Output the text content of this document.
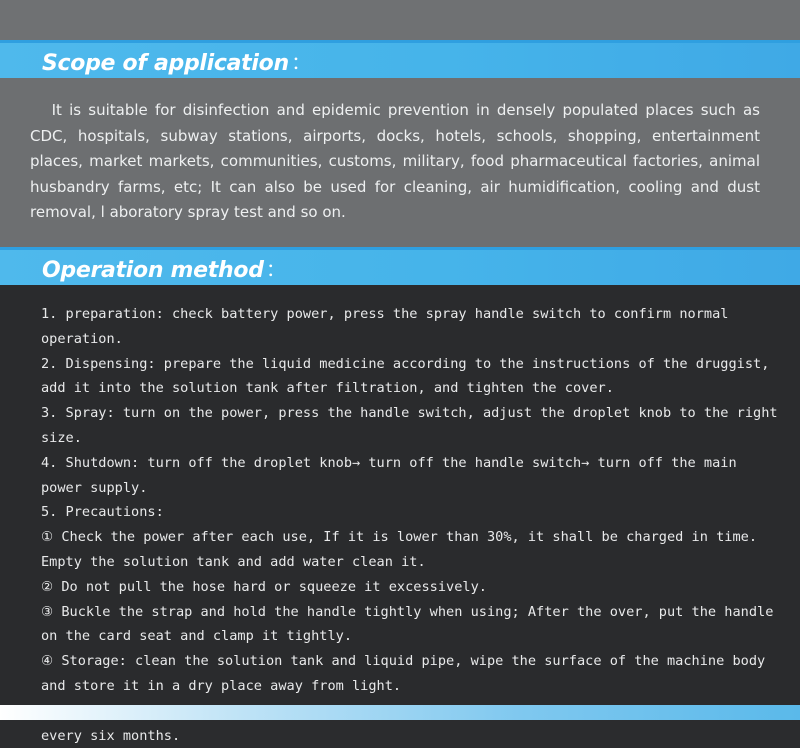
Scope of application：
It is suitable for disinfection and epidemic prevention in densely populated places such as CDC, hospitals, subway stations, airports, docks, hotels, schools, shopping, entertainment places, market markets, communities, customs, military, food pharmaceutical factories, animal husbandry farms, etc; It can also be used for cleaning, air humidification, cooling and dust removal, l aboratory spray test and so on.
Operation method：
1. preparation: check battery power, press the spray handle switch to confirm normal operation.
2. Dispensing: prepare the liquid medicine according to the instructions of the druggist, add it into the solution tank after filtration, and tighten the cover.
3. Spray: turn on the power, press the handle switch, adjust the droplet knob to the right size.
4. Shutdown: turn off the droplet knob→ turn off the handle switch→ turn off the main power supply.
5. Precautions:
① Check the power after each use, If it is lower than 30%, it shall be charged in time. Empty the solution tank and add water clean it.
② Do not pull the hose hard or squeeze it excessively.
③ Buckle the strap and hold the handle tightly when using; After the over, put the handle on the card seat and clamp it tightly.
④ Storage: clean the solution tank and liquid pipe, wipe the surface of the machine body and store it in a dry place away from light.
every six months.
